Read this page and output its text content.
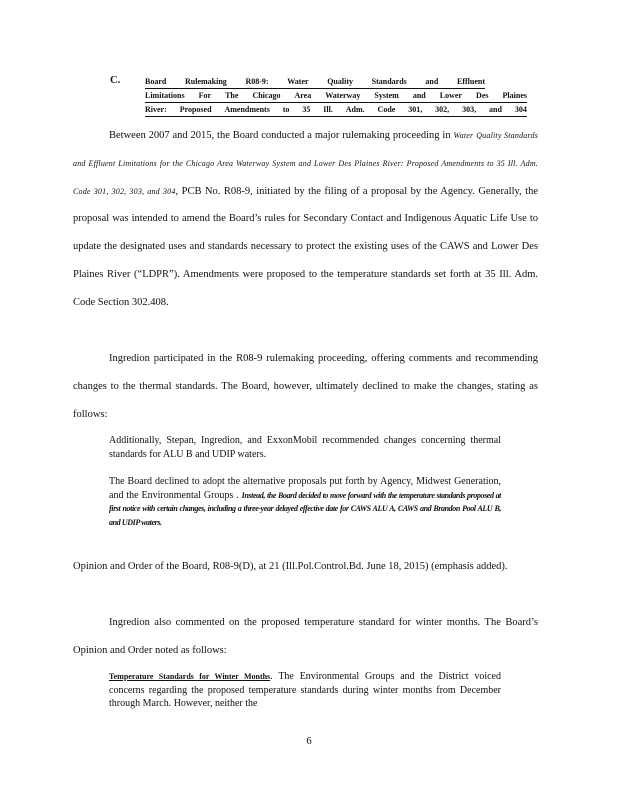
C.	Board Rulemaking R08-9: Water Quality Standards and Effluent
Limitations For The Chicago Area Waterway System and Lower Des Plaines
River: Proposed Amendments to 35 Ill. Adm. Code 301, 302, 303, and 304
Between 2007 and 2015, the Board conducted a major rulemaking proceeding in Water Quality Standards and Effluent Limitations for the Chicago Area Waterway System and Lower Des Plaines River: Proposed Amendments to 35 Ill. Adm. Code 301, 302, 303, and 304, PCB No. R08-9, initiated by the filing of a proposal by the Agency. Generally, the proposal was intended to amend the Board’s rules for Secondary Contact and Indigenous Aquatic Life Use to update the designated uses and standards necessary to protect the existing uses of the CAWS and Lower Des Plaines River (“LDPR”). Amendments were proposed to the temperature standards set forth at 35 Ill. Adm. Code Section 302.408.
Ingredion participated in the R08-9 rulemaking proceeding, offering comments and recommending changes to the thermal standards. The Board, however, ultimately declined to make the changes, stating as follows:
Additionally, Stepan, Ingredion, and ExxonMobil recommended changes concerning thermal standards for ALU B and UDIP waters.
The Board declined to adopt the alternative proposals put forth by Agency, Midwest Generation, and the Environmental Groups . Instead, the Board decided to move forward with the temperature standards proposed at first notice with certain changes, including a three-year delayed effective date for CAWS ALU A, CAWS and Brandon Pool ALU B, and UDIP waters.
Opinion and Order of the Board, R08-9(D), at 21 (Ill.Pol.Control.Bd. June 18, 2015) (emphasis added).
Ingredion also commented on the proposed temperature standard for winter months. The Board’s Opinion and Order noted as follows:
Temperature Standards for Winter Months. The Environmental Groups and the District voiced concerns regarding the proposed temperature standards during winter months from December through March. However, neither the
6
